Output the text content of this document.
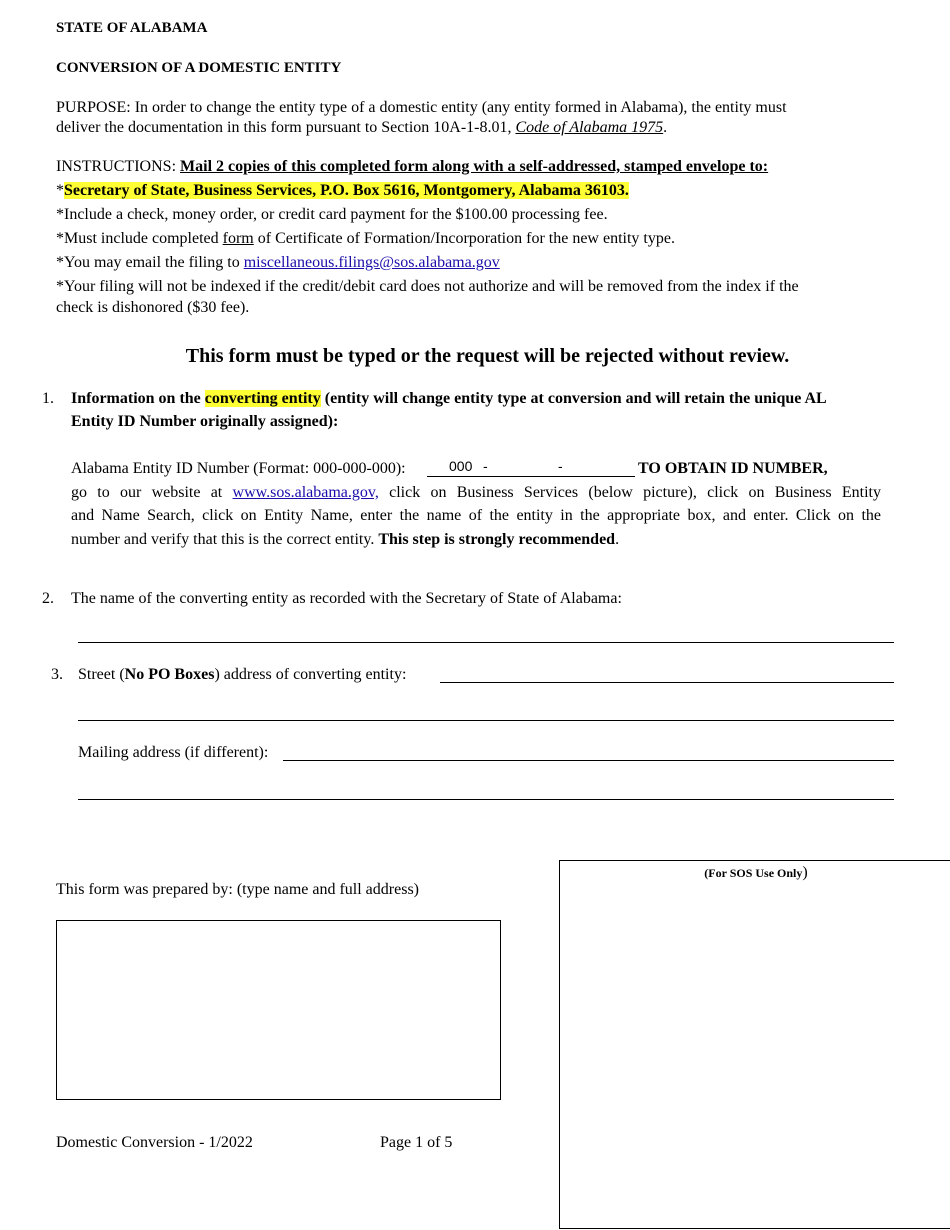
STATE OF ALABAMA
CONVERSION OF A DOMESTIC ENTITY
PURPOSE: In order to change the entity type of a domestic entity (any entity formed in Alabama), the entity must
deliver the documentation in this form pursuant to Section 10A-1-8.01, Code of Alabama 1975.
INSTRUCTIONS: Mail 2 copies of this completed form along with a self-addressed, stamped envelope to:
*Secretary of State, Business Services, P.O. Box 5616, Montgomery, Alabama 36103.
*Include a check, money order, or credit card payment for the $100.00 processing fee.
*Must include completed form of Certificate of Formation/Incorporation for the new entity type.
*You may email the filing to miscellaneous.filings@sos.alabama.gov
*Your filing will not be indexed if the credit/debit card does not authorize and will be removed from the index if the
check is dishonored ($30 fee).
This form must be typed or the request will be rejected without review.
1. Information on the converting entity (entity will change entity type at conversion and will retain the unique AL
Entity ID Number originally assigned):
Alabama Entity ID Number (Format: 000-000-000):	000 -	-	TO OBTAIN ID NUMBER,
go to our website at www.sos.alabama.gov, click on Business Services (below picture), click on Business Entity
and Name Search, click on Entity Name, enter the name of the entity in the appropriate box, and enter. Click on the
number and verify that this is the correct entity. This step is strongly recommended.
2. The name of the converting entity as recorded with the Secretary of State of Alabama:
3. Street (No PO Boxes) address of converting entity:
Mailing address (if different):
This form was prepared by: (type name and full address)
(For SOS Use Only)
Domestic Conversion - 1/2022	Page 1 of 5
